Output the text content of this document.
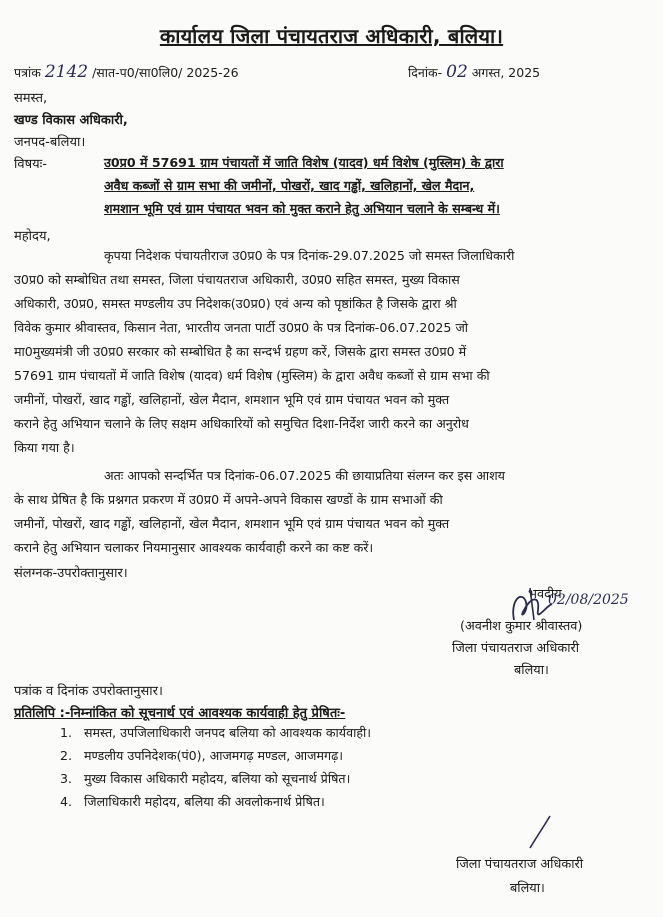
कार्यालय जिला पंचायतराज अधिकारी, बलिया।
पत्रांक 2142 /सात-प0/सा0लि0/ 2025-26	दिनांक- 02 अगस्त, 2025
समस्त,
खण्ड विकास अधिकारी,
जनपद-बलिया।
विषयः-	उ0प्र0 में 57691 ग्राम पंचायतों में जाति विशेष (यादव) धर्म विशेष (मुस्लिम) के द्वारा
अवैध कब्जों से ग्राम सभा की जमीनों, पोखरों, खाद गड्ढों, खलिहानों, खेल मैदान,
शमशान भूमि एवं ग्राम पंचायत भवन को मुक्त कराने हेतु अभियान चलाने के सम्बन्ध में।
महोदय,
कृपया निदेशक पंचायतीराज उ0प्र0 के पत्र दिनांक-29.07.2025 जो समस्त जिलाधिकारी
उ0प्र0 को सम्बोधित तथा समस्त, जिला पंचायतराज अधिकारी, उ0प्र0 सहित समस्त, मुख्य विकास
अधिकारी, उ0प्र0, समस्त मण्डलीय उप निदेशक(उ0प्र0) एवं अन्य को पृष्ठांकित है जिसके द्वारा श्री
विवेक कुमार श्रीवास्तव, किसान नेता, भारतीय जनता पार्टी उ0प्र0 के पत्र दिनांक-06.07.2025 जो
मा0मुख्यमंत्री जी उ0प्र0 सरकार को सम्बोधित है का सन्दर्भ ग्रहण करें, जिसके द्वारा समस्त उ0प्र0 में
57691 ग्राम पंचायतों में जाति विशेष (यादव) धर्म विशेष (मुस्लिम) के द्वारा अवैध कब्जों से ग्राम सभा की
जमीनों, पोखरों, खाद गड्ढों, खलिहानों, खेल मैदान, शमशान भूमि एवं ग्राम पंचायत भवन को मुक्त
कराने हेतु अभियान चलाने के लिए सक्षम अधिकारियों को समुचित दिशा-निर्देश जारी करने का अनुरोध
किया गया है।
अतः आपको सन्दर्भित पत्र दिनांक-06.07.2025 की छायाप्रतिया संलग्न कर इस आशय
के साथ प्रेषित है कि प्रश्नगत प्रकरण में उ0प्र0 में अपने-अपने विकास खण्डों के ग्राम सभाओं की
जमीनों, पोखरों, खाद गड्ढों, खलिहानों, खेल मैदान, शमशान भूमि एवं ग्राम पंचायत भवन को मुक्त
कराने हेतु अभियान चलाकर नियमानुसार आवश्यक कार्यवाही करने का कष्ट करें।
संलग्नक-उपरोक्तानुसार।
भवदीय
02/08/2025
(अवनीश कुमार श्रीवास्तव)
जिला पंचायतराज अधिकारी
बलिया।
पत्रांक व दिनांक उपरोक्तानुसार।
प्रतिलिपि :-निम्नांकित को सूचनार्थ एवं आवश्यक कार्यवाही हेतु प्रेषितः-
1. समस्त, उपजिलाधिकारी जनपद बलिया को आवश्यक कार्यवाही।
2. मण्डलीय उपनिदेशक(पं0), आजमगढ़ मण्डल, आजमगढ़।
3. मुख्य विकास अधिकारी महोदय, बलिया को सूचनार्थ प्रेषित।
4. जिलाधिकारी महोदय, बलिया की अवलोकनार्थ प्रेषित।
जिला पंचायतराज अधिकारी
बलिया।
